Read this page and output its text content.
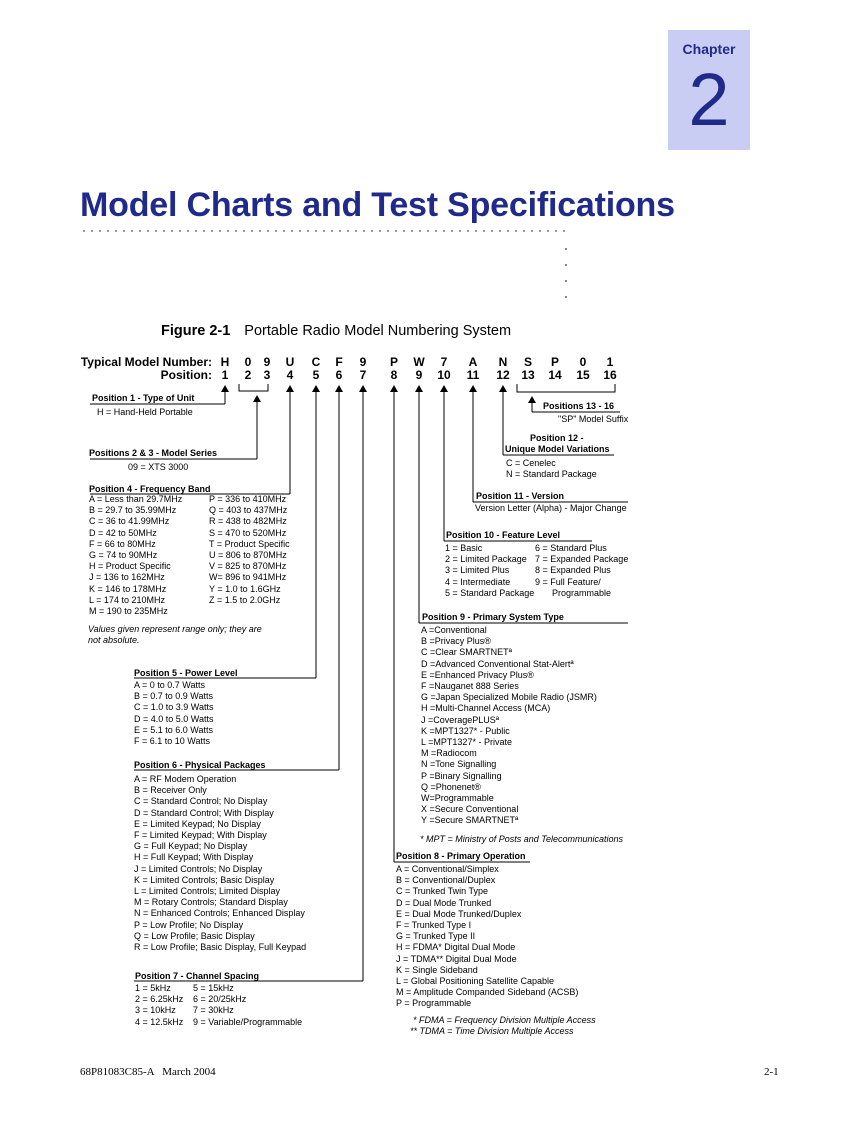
Chapter
2
Model Charts and Test Specifications
Figure 2-1 Portable Radio Model Numbering System
Typical Model Number:
Position:
H
1
0
2
9
3
U
4
C
5
F
6
9
7
P
8
W
9
7
10
A
11
N
12
S
13
P
14
0
15
1
16
Position 1 - Type of Unit
H = Hand-Held Portable
Positions 2 & 3 - Model Series
09 = XTS 3000
Position 4 - Frequency Band
A = Less than 29.7MHz
B = 29.7 to 35.99MHz
C = 36 to 41.99MHz
D = 42 to 50MHz
F = 66 to 80MHz
G = 74 to 90MHz
H = Product Specific
J = 136 to 162MHz
K = 146 to 178MHz
L = 174 to 210MHz
M = 190 to 235MHz
P = 336 to 410MHz
Q = 403 to 437MHz
R = 438 to 482MHz
S = 470 to 520MHz
T = Product Specific
U = 806 to 870MHz
V = 825 to 870MHz
W= 896 to 941MHz
Y = 1.0 to 1.6GHz
Z = 1.5 to 2.0GHz
Values given represent range only; they are
not absolute.
Position 5 - Power Level
A = 0 to 0.7 Watts
B = 0.7 to 0.9 Watts
C = 1.0 to 3.9 Watts
D = 4.0 to 5.0 Watts
E = 5.1 to 6.0 Watts
F = 6.1 to 10 Watts
Position 6 - Physical Packages
A = RF Modem Operation
B = Receiver Only
C = Standard Control; No Display
D = Standard Control; With Display
E = Limited Keypad; No Display
F = Limited Keypad; With Display
G = Full Keypad; No Display
H = Full Keypad; With Display
J = Limited Controls; No Display
K = Limited Controls; Basic Display
L = Limited Controls; Limited Display
M = Rotary Controls; Standard Display
N = Enhanced Controls; Enhanced Display
P = Low Profile; No Display
Q = Low Profile; Basic Display
R = Low Profile; Basic Display, Full Keypad
Position 7 - Channel Spacing
1 = 5kHz
2 = 6.25kHz
3 = 10kHz
4 = 12.5kHz
5 = 15kHz
6 = 20/25kHz
7 = 30kHz
9 = Variable/Programmable
Position 8 - Primary Operation
A = Conventional/Simplex
B = Conventional/Duplex
C = Trunked Twin Type
D = Dual Mode Trunked
E = Dual Mode Trunked/Duplex
F = Trunked Type I
G = Trunked Type II
H = FDMA* Digital Dual Mode
J = TDMA** Digital Dual Mode
K = Single Sideband
L = Global Positioning Satellite Capable
M = Amplitude Companded Sideband (ACSB)
P = Programmable
* FDMA = Frequency Division Multiple Access
** TDMA = Time Division Multiple Access
Position 9 - Primary System Type
A =Conventional
B =Privacy Plus®
C =Clear SMARTNETª
D =Advanced Conventional Stat-Alertª
E =Enhanced Privacy Plus®
F =Nauganet 888 Series
G =Japan Specialized Mobile Radio (JSMR)
H =Multi-Channel Access (MCA)
J =CoveragePLUSª
K =MPT1327* - Public
L =MPT1327* - Private
M =Radiocom
N =Tone Signalling
P =Binary Signalling
Q =Phonenet®
W=Programmable
X =Secure Conventional
Y =Secure SMARTNETª
* MPT = Ministry of Posts and Telecommunications
Position 10 - Feature Level
1 = Basic
2 = Limited Package
3 = Limited Plus
4 = Intermediate
5 = Standard Package
6 = Standard Plus
7 = Expanded Package
8 = Expanded Plus
9 = Full Feature/
Programmable
Position 11 - Version
Version Letter (Alpha) - Major Change
Position 12 -
Unique Model Variations
C = Cenelec
N = Standard Package
Positions 13 - 16
"SP" Model Suffix
68P81083C85-A   March 2004	2-1
